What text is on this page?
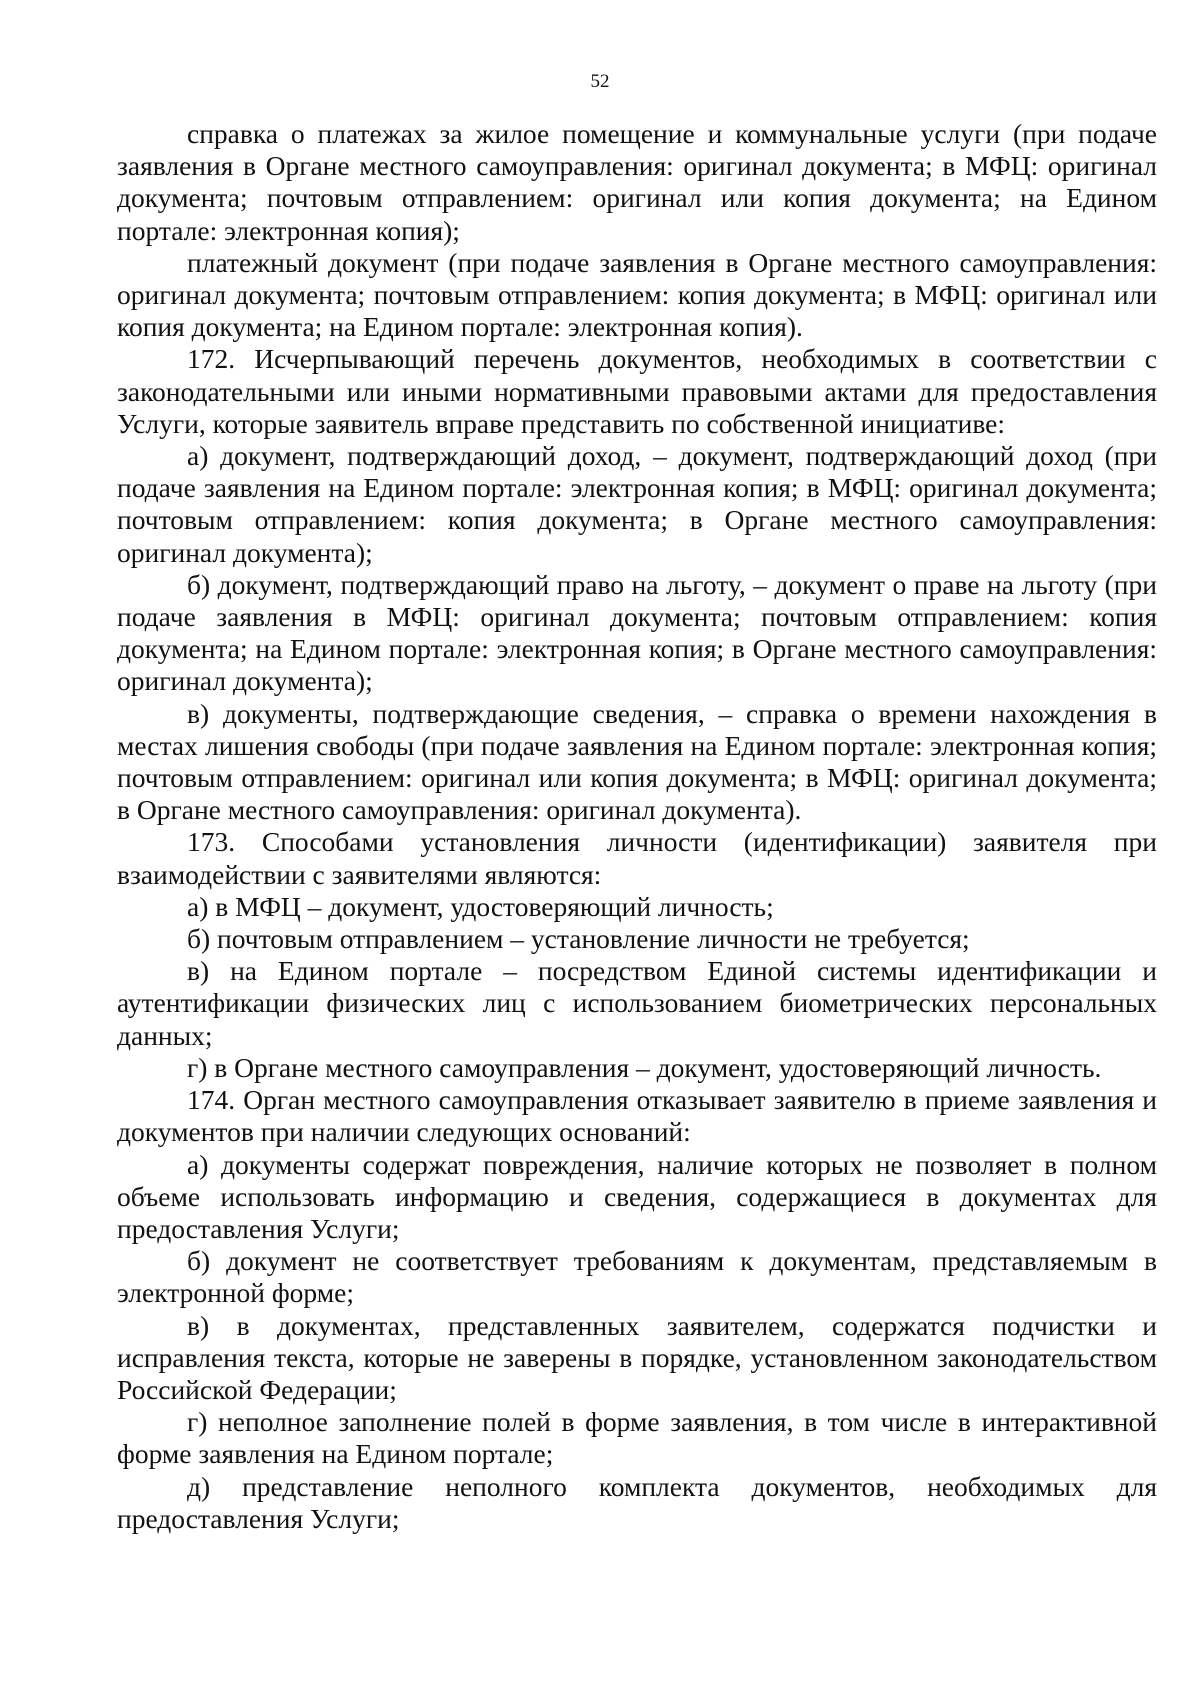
52

справка о платежах за жилое помещение и коммунальные услуги (при подаче заявления в Органе местного самоуправления: оригинал документа; в МФЦ: оригинал документа; почтовым отправлением: оригинал или копия документа; на Едином портале: электронная копия);

платежный документ (при подаче заявления в Органе местного самоуправления: оригинал документа; почтовым отправлением: копия документа; в МФЦ: оригинал или копия документа; на Едином портале: электронная копия).

172. Исчерпывающий перечень документов, необходимых в соответствии с законодательными или иными нормативными правовыми актами для предоставления Услуги, которые заявитель вправе представить по собственной инициативе:

а) документ, подтверждающий доход, – документ, подтверждающий доход (при подаче заявления на Едином портале: электронная копия; в МФЦ: оригинал документа; почтовым отправлением: копия документа; в Органе местного самоуправления: оригинал документа);

б) документ, подтверждающий право на льготу, – документ о праве на льготу (при подаче заявления в МФЦ: оригинал документа; почтовым отправлением: копия документа; на Едином портале: электронная копия; в Органе местного самоуправления: оригинал документа);

в) документы, подтверждающие сведения, – справка о времени нахождения в местах лишения свободы (при подаче заявления на Едином портале: электронная копия; почтовым отправлением: оригинал или копия документа; в МФЦ: оригинал документа; в Органе местного самоуправления: оригинал документа).

173. Способами установления личности (идентификации) заявителя при взаимодействии с заявителями являются:

а) в МФЦ – документ, удостоверяющий личность;

б) почтовым отправлением – установление личности не требуется;

в) на Едином портале – посредством Единой системы идентификации и аутентификации физических лиц с использованием биометрических персональных данных;

г) в Органе местного самоуправления – документ, удостоверяющий личность.

174. Орган местного самоуправления отказывает заявителю в приеме заявления и документов при наличии следующих оснований:

а) документы содержат повреждения, наличие которых не позволяет в полном объеме использовать информацию и сведения, содержащиеся в документах для предоставления Услуги;

б) документ не соответствует требованиям к документам, представляемым в электронной форме;

в) в документах, представленных заявителем, содержатся подчистки и исправления текста, которые не заверены в порядке, установленном законодательством Российской Федерации;

г) неполное заполнение полей в форме заявления, в том числе в интерактивной форме заявления на Едином портале;

д) представление неполного комплекта документов, необходимых для предоставления Услуги;
